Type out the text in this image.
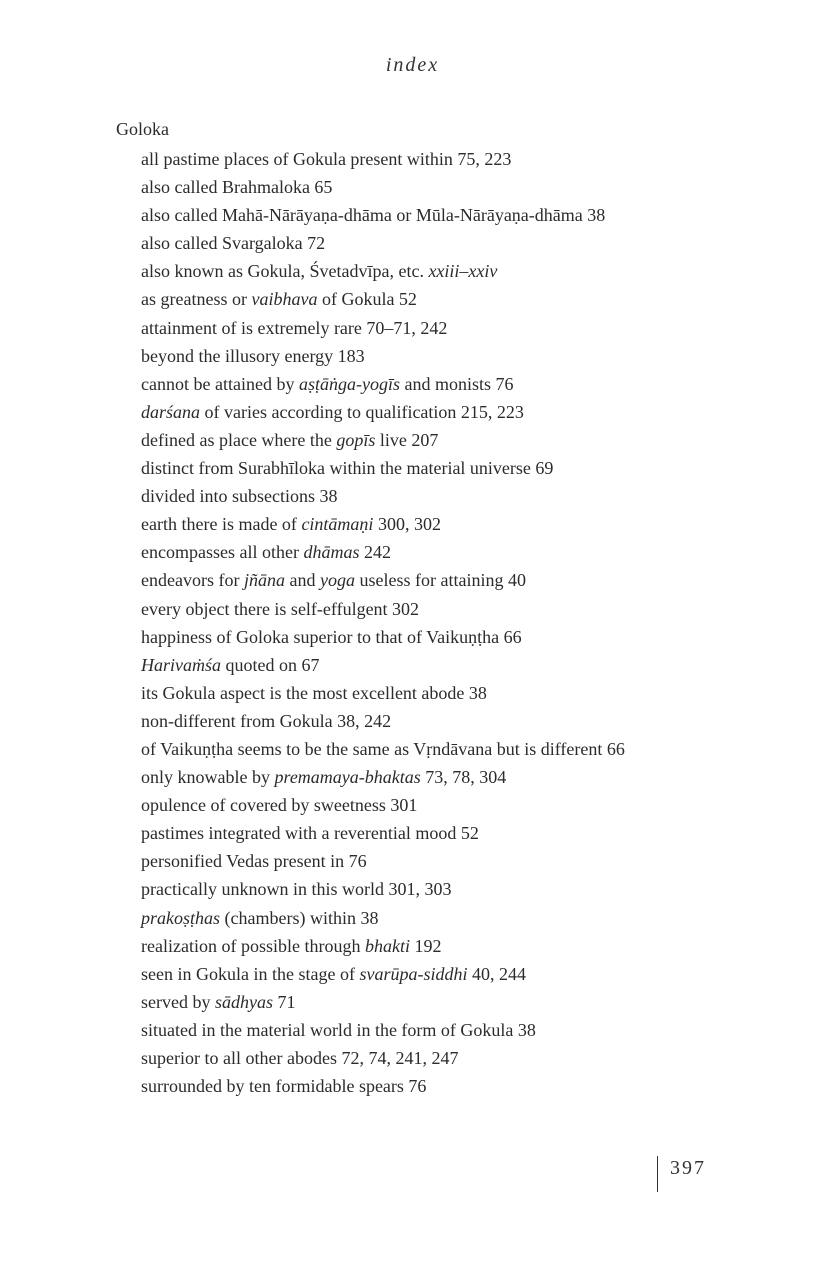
index
Goloka
all pastime places of Gokula present within 75, 223
also called Brahmaloka 65
also called Mahā-Nārāyaṇa-dhāma or Mūla-Nārāyaṇa-dhāma 38
also called Svargaloka 72
also known as Gokula, Śvetadvīpa, etc. xxiii–xxiv
as greatness or vaibhava of Gokula 52
attainment of is extremely rare 70–71, 242
beyond the illusory energy 183
cannot be attained by aṣṭāṅga-yogīs and monists 76
darśana of varies according to qualification 215, 223
defined as place where the gopīs live 207
distinct from Surabhīloka within the material universe 69
divided into subsections 38
earth there is made of cintāmaṇi 300, 302
encompasses all other dhāmas 242
endeavors for jñāna and yoga useless for attaining 40
every object there is self-effulgent 302
happiness of Goloka superior to that of Vaikuṇṭha 66
Harivaṁśa quoted on 67
its Gokula aspect is the most excellent abode 38
non-different from Gokula 38, 242
of Vaikuṇṭha seems to be the same as Vṛndāvana but is different 66
only knowable by premamaya-bhaktas 73, 78, 304
opulence of covered by sweetness 301
pastimes integrated with a reverential mood 52
personified Vedas present in 76
practically unknown in this world 301, 303
prakoṣṭhas (chambers) within 38
realization of possible through bhakti 192
seen in Gokula in the stage of svarūpa-siddhi 40, 244
served by sādhyas 71
situated in the material world in the form of Gokula 38
superior to all other abodes 72, 74, 241, 247
surrounded by ten formidable spears 76
397
